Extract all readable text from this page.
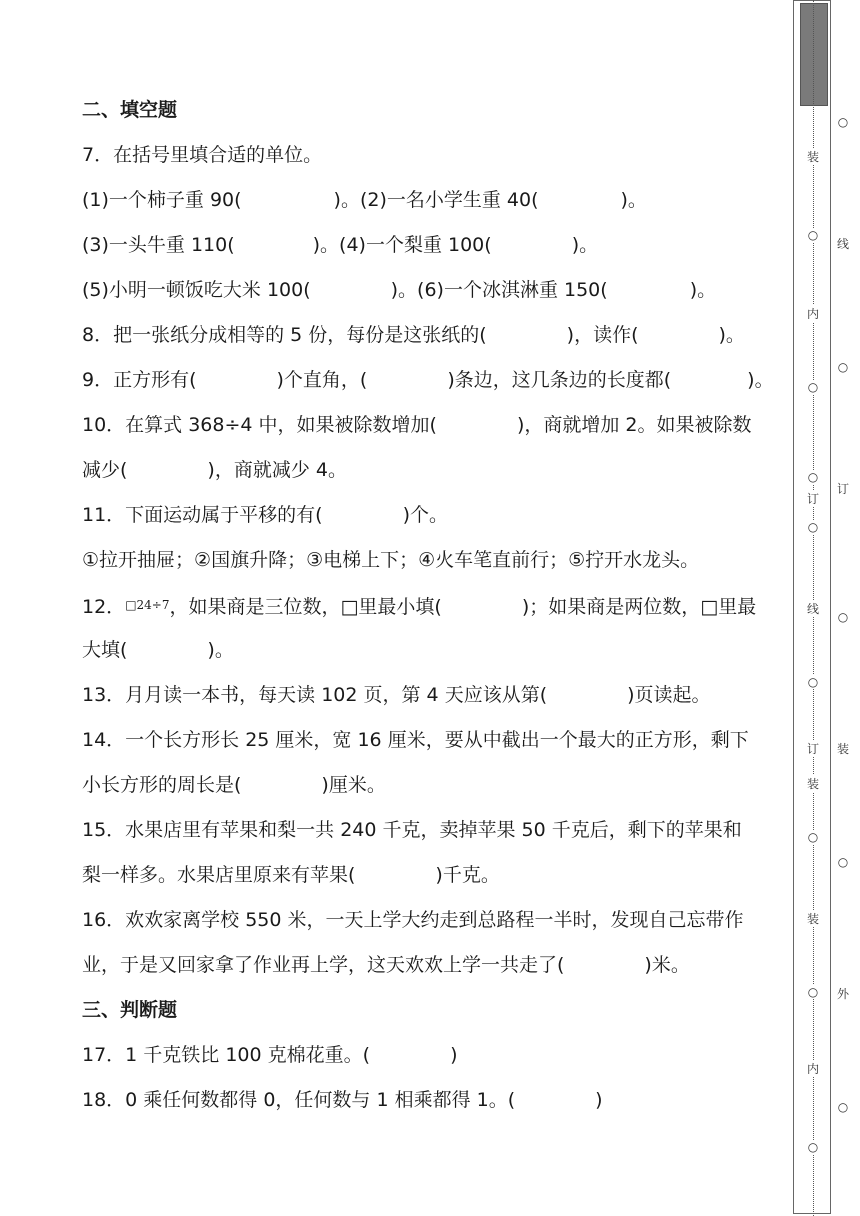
二、填空题
7．在括号里填合适的单位。
(1)一个柿子重 90(	)。(2)一名小学生重 40(	)。
(3)一头牛重 110(	)。(4)一个梨重 100(	)。
(5)小明一顿饭吃大米 100(	)。(6)一个冰淇淋重 150(	)。
8．把一张纸分成相等的 5 份，每份是这张纸的(	)，读作(	)。
9．正方形有(	)个直角，(	)条边，这几条边的长度都(	)。
10．在算式 368÷4 中，如果被除数增加(	)，商就增加 2。如果被除数
减少(	)，商就减少 4。
11．下面运动属于平移的有(	)个。
①拉开抽屉；②国旗升降；③电梯上下；④火车笔直前行；⑤拧开水龙头。
12．$^{□24\div 7}$，如果商是三位数，□里最小填(	)；如果商是两位数，□里最
大填(	)。
13．月月读一本书，每天读 102 页，第 4 天应该从第(	)页读起。
14．一个长方形长 25 厘米，宽 16 厘米，要从中截出一个最大的正方形，剩下
小长方形的周长是(	)厘米。
15．水果店里有苹果和梨一共 240 千克，卖掉苹果 50 千克后，剩下的苹果和
梨一样多。水果店里原来有苹果(	)千克。
16．欢欢家离学校 550 米，一天上学大约走到总路程一半时，发现自己忘带作
业，于是又回家拿了作业再上学，这天欢欢上学一共走了(	)米。
三、判断题
17．1 千克铁比 100 克棉花重。(	)
18．0 乘任何数都得 0，任何数与 1 相乘都得 1。(	)
装
○
内
○
○
订
○
线
○
订
装
○
装
○
内
○
○
线
○
订
○
装
○
外
○
